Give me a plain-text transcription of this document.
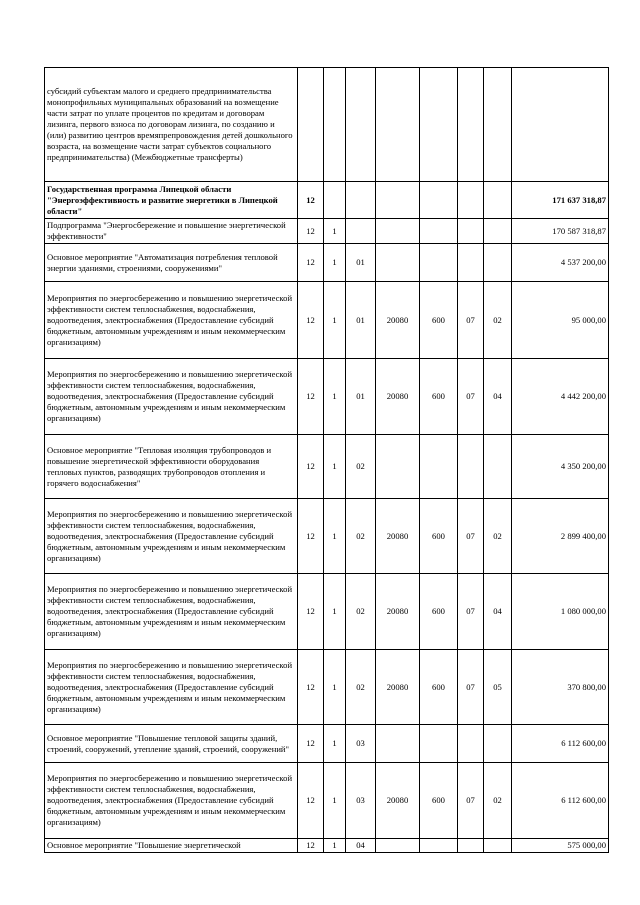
субсидий субъектам малого и среднего предпринимательства монопрофильных муниципальных образований на возмещение части затрат по уплате процентов по кредитам и договорам лизинга, первого взноса по договорам лизинга, по созданию и (или) развитию центров времяпрепровождения детей дошкольного возраста, на возмещение части затрат субъектов социального предпринимательства) (Межбюджетные трансферты)								
Государственная программа Липецкой области "Энергоэффективность и развитие энергетики в Липецкой области"	12							171 637 318,87
Подпрограмма "Энергосбережение и повышение энергетической эффективности"	12	1						170 587 318,87
Основное мероприятие "Автоматизация потребления тепловой энергии зданиями, строениями, сооружениями"	12	1	01					4 537 200,00
Мероприятия по энергосбережению и повышению энергетической эффективности систем теплоснабжения, водоснабжения, водоотведения, электроснабжения (Предоставление субсидий бюджетным, автономным учреждениям и иным некоммерческим организациям)	12	1	01	20080	600	07	02	95 000,00
Мероприятия по энергосбережению и повышению энергетической эффективности систем теплоснабжения, водоснабжения, водоотведения, электроснабжения (Предоставление субсидий бюджетным, автономным учреждениям и иным некоммерческим организациям)	12	1	01	20080	600	07	04	4 442 200,00
Основное мероприятие "Тепловая изоляция трубопроводов и повышение энергетической эффективности оборудования тепловых пунктов, разводящих трубопроводов отопления и горячего водоснабжения"	12	1	02					4 350 200,00
Мероприятия по энергосбережению и повышению энергетической эффективности систем теплоснабжения, водоснабжения, водоотведения, электроснабжения (Предоставление субсидий бюджетным, автономным учреждениям и иным некоммерческим организациям)	12	1	02	20080	600	07	02	2 899 400,00
Мероприятия по энергосбережению и повышению энергетической эффективности систем теплоснабжения, водоснабжения, водоотведения, электроснабжения (Предоставление субсидий бюджетным, автономным учреждениям и иным некоммерческим организациям)	12	1	02	20080	600	07	04	1 080 000,00
Мероприятия по энергосбережению и повышению энергетической эффективности систем теплоснабжения, водоснабжения, водоотведения, электроснабжения (Предоставление субсидий бюджетным, автономным учреждениям и иным некоммерческим организациям)	12	1	02	20080	600	07	05	370 800,00
Основное мероприятие "Повышение тепловой защиты зданий, строений, сооружений, утепление зданий, строений, сооружений"	12	1	03					6 112 600,00
Мероприятия по энергосбережению и повышению энергетической эффективности систем теплоснабжения, водоснабжения, водоотведения, электроснабжения (Предоставление субсидий бюджетным, автономным учреждениям и иным некоммерческим организациям)	12	1	03	20080	600	07	02	6 112 600,00
Основное мероприятие "Повышение энергетической	12	1	04					575 000,00
